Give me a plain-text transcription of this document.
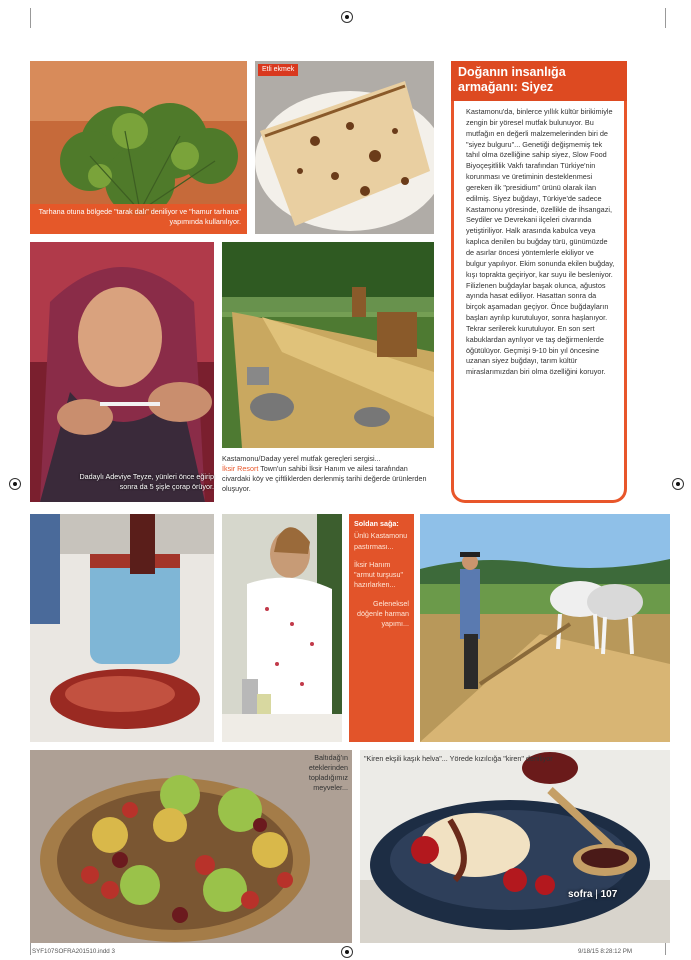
Tarhana otuna bölgede "tarak dalı" deniliyor ve "hamur tarhana" yapımında kullanılıyor.
Etli ekmek	Doğanın insanlığa armağanı: Siyez

Kastamonu'da, binlerce yıllık kültür birikimiyle zengin bir yöresel mutfak bulunuyor. Bu mutfağın en değerli malzemelerinden biri de "siyez bulguru"... Genetiği değişmemiş tek tahıl olma özelliğine sahip siyez, Slow Food Biyoçeşitlilik Vakfı tarafından Türkiye'nin korunması ve üretiminin desteklenmesi gereken ilk "presidium" ürünü olarak ilan edilmiş. Siyez buğdayı, Türkiye'de sadece Kastamonu yöresinde, özellikle de İhsangazi, Seydiler ve Devrekani ilçeleri civarında yetiştiriliyor. Halk arasında kabulca veya kaplıca denilen bu buğday türü, günümüzde de asırlar öncesi yöntemlerle ekiliyor ve bulgur yapılıyor. Ekim sonunda ekilen buğday, kışı toprakta geçiriyor, kar suyu ile besleniyor. Filizlenen buğdaylar başak olunca, ağustos ayında hasat ediliyor. Hasattan sonra da birçok aşamadan geçiyor. Önce buğdayların başları ayrılıp kurutuluyor, sonra haşlanıyor. Tekrar serilerek kurutuluyor. En son sert kabuklardan ayrılıyor ve taş değirmenlerde öğütülüyor. Geçmişi 9-10 bin yıl öncesine uzanan siyez buğdayı, tarım kültür miraslarımızdan biri olma özelliğini koruyor.

Dadaylı Adeviye Teyze, yünleri önce eğirip sonra da 5 şişle çorap örüyor.
Kastamonu/Daday yerel mutfak gereçleri sergisi...
İksir Resort Town'un sahibi İksir Hanım ve ailesi tarafından civardaki köy ve çiftliklerden derlenmiş tarihi değerde ürünlerden oluşuyor.
Soldan sağa:

Ünlü Kastamonu pastırması...

İksir Hanım "armut turşusu" hazırlarken...

Geleneksel döğenle harman yapımı...

Baltıdağ'ın eteklerinden topladığımız meyveler...
"Kiren ekşili kaşık helva"... Yörede kızılcığa "kiren" deniliyor
sofra | 107
SYF107SOFRA201510.indd 3	9/18/15 8:28:12 PM
